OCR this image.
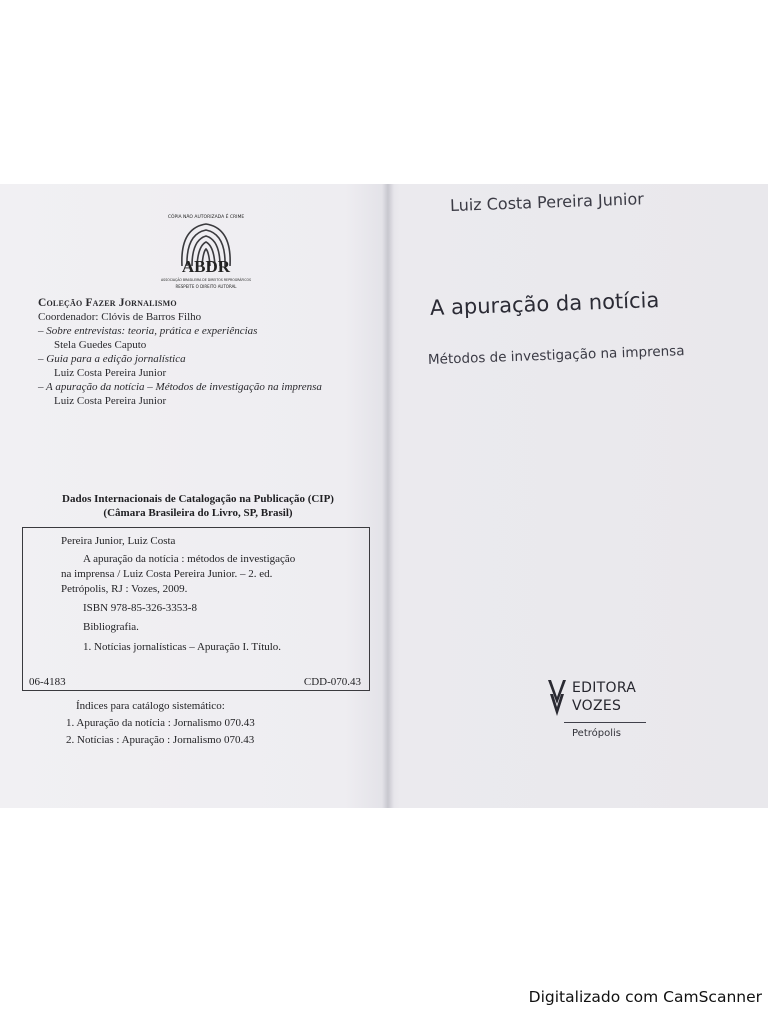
ABDR
ASSOCIAÇÃO BRASILEIRA DE DIREITOS REPROGRÁFICOS
RESPEITE O DIREITO AUTORAL
CÓPIA NÃO AUTORIZADA É CRIME
Coleção Fazer Jornalismo
Coordenador: Clóvis de Barros Filho
– Sobre entrevistas: teoria, prática e experiências
Stela Guedes Caputo
– Guia para a edição jornalística
Luiz Costa Pereira Junior
– A apuração da notícia – Métodos de investigação na imprensa
Luiz Costa Pereira Junior
Dados Internacionais de Catalogação na Publicação (CIP)
(Câmara Brasileira do Livro, SP, Brasil)
Pereira Junior, Luiz Costa
A apuração da notícia : métodos de investigação
na imprensa / Luiz Costa Pereira Junior. – 2. ed.
Petrópolis, RJ : Vozes, 2009.
ISBN 978-85-326-3353-8
Bibliografia.
1. Notícias jornalísticas – Apuração I. Título.
06-4183	CDD-070.43
Índices para catálogo sistemático:
1. Apuração da notícia : Jornalismo 070.43
2. Notícias : Apuração : Jornalismo 070.43
Luiz Costa Pereira Junior
A apuração da notícia
Métodos de investigação na imprensa
EDITORA
VOZES
Petrópolis
Digitalizado com CamScanner
